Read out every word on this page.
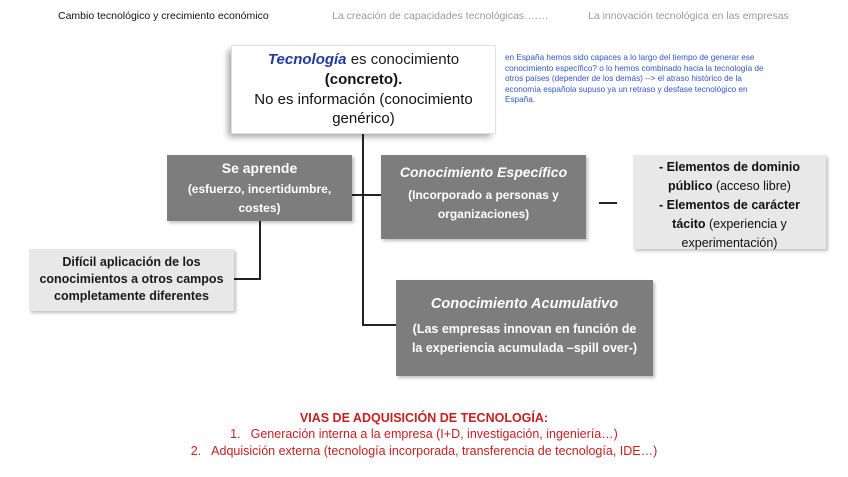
Cambio tecnológico y crecimiento económico	La creación de capacidades tecnológicas…….	La innovación tecnológica en las empresas
Tecnología es conocimiento
(concreto).
No es información (conocimiento
genérico)
en España hemos sido capaces a lo largo del tiempo de generar ese conocimiento específico? o lo hemos combinado hacia la tecnología de otros países (depender de los demás) --> el atraso histórico de la economía española supuso ya un retraso y desfase tecnológico en España.
Se aprende
(esfuerzo, incertidumbre,
costes)
Conocimiento Específico
(Incorporado a personas y
organizaciones)
- Elementos de dominio
público (acceso libre)
- Elementos de carácter
tácito (experiencia y
experimentación)
Difícil aplicación de los
conocimientos a otros campos
completamente diferentes	Conocimiento Acumulativo
(Las empresas innovan en función de
la experiencia acumulada –spill over-)
VIAS DE ADQUISICIÓN DE TECNOLOGÍA:
1. Generación interna a la empresa (I+D, investigación, ingeniería…)
2. Adquisición externa (tecnología incorporada, transferencia de tecnología, IDE…)
